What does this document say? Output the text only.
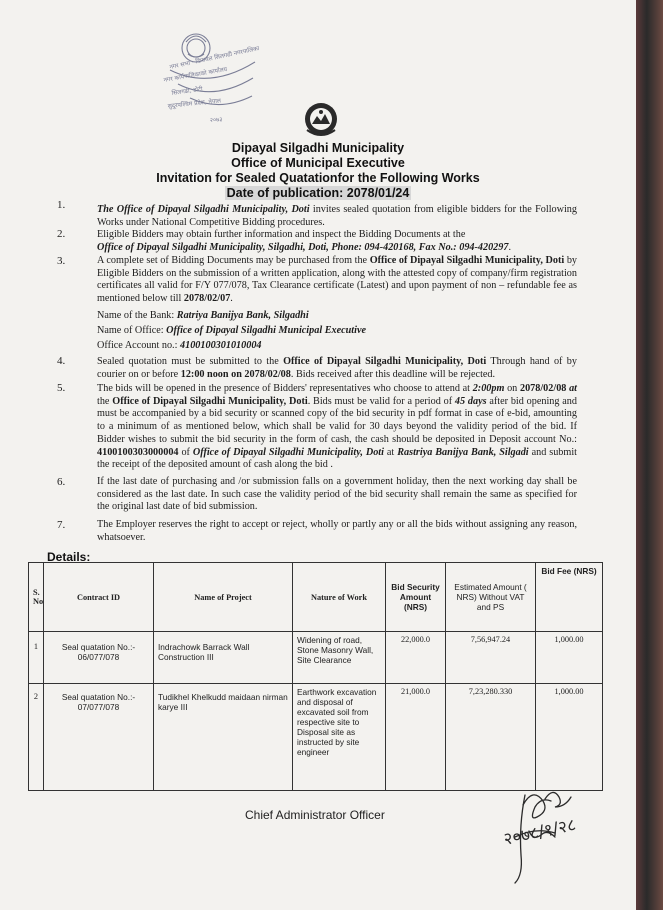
नगर सभा · दिपायल सिलगढी नगरपालिका
नगर कार्यपालिकाको कार्यालय
सिलगढी, डोटी
सुदूरपश्चिम प्रदेश, नेपाल
२०७३
Dipayal Silgadhi Municipality
Office of Municipal Executive
Invitation for Sealed Quatationfor the Following Works
Date of publication: 2078/01/24
1.	The Office of Dipayal Silgadhi Municipality, Doti invites sealed quotation from eligible bidders for the Following Works under National Competitive Bidding procedures.
2.	Eligible Bidders may obtain further information and inspect the Bidding Documents at the
Office of Dipayal Silgadhi Municipality, Silgadhi, Doti, Phone: 094-420168, Fax No.: 094-420297.
3.	A complete set of Bidding Documents may be purchased from the Office of Dipayal Silgadhi Municipality, Doti by Eligible Bidders on the submission of a written application, along with the attested copy of company/firm registration certificates all valid for F/Y 077/078, Tax Clearance certificate (Latest) and upon payment of non – refundable fee as mentioned below till 2078/02/07.
Name of the Bank: Ratriya Banijya Bank, Silgadhi
Name of Office: Office of Dipayal Silgadhi Municipal Executive
Office Account no.: 4100100301010004
4.	Sealed quotation must be submitted to the Office of Dipayal Silgadhi Municipality, Doti Through hand of by courier on or before 12:00 noon on 2078/02/08. Bids received after this deadline will be rejected.
5.	The bids will be opened in the presence of Bidders' representatives who choose to attend at 2:00pm on 2078/02/08 at the Office of Dipayal Silgadhi Municipality, Doti. Bids must be valid for a period of 45 days after bid opening and must be accompanied by a bid security or scanned copy of the bid security in pdf format in case of e-bid, amounting to a minimum of as mentioned below, which shall be valid for 30 days beyond the validity period of the bid. If Bidder wishes to submit the bid security in the form of cash, the cash should be deposited in Deposit account No.: 4100100303000004 of Office of Dipayal Silgadhi Municipality, Doti at Rastriya Banijya Bank, Silgadi and submit the receipt of the deposited amount of cash along the bid .
6.	If the last date of purchasing and /or submission falls on a government holiday, then the next working day shall be considered as the last date. In such case the validity period of the bid security shall remain the same as specified for the original last date of bid submission.
7.	The Employer reserves the right to accept or reject, wholly or partly any or all the bids without assigning any reason, whatsoever.
Details:
S. No	Contract ID	Name of Project	Nature of Work	Bid Security Amount (NRS)	Estimated Amount ( NRS) Without VAT and PS	Bid Fee (NRS)
1	Seal quatation No.:- 06/077/078	Indrachowk Barrack Wall Construction III	Widening of road, Stone Masonry Wall, Site Clearance	22,000.0	7,56,947.24	1,000.00
2	Seal quatation No.:- 07/077/078	Tudikhel Khelkudd maidaan nirman karye III	Earthwork excavation and disposal of excavated soil from respective site to Disposal site as instructed by site engineer	21,000.0	7,23,280.330	1,000.00
Chief Administrator Officer
२०७८/१/२८
